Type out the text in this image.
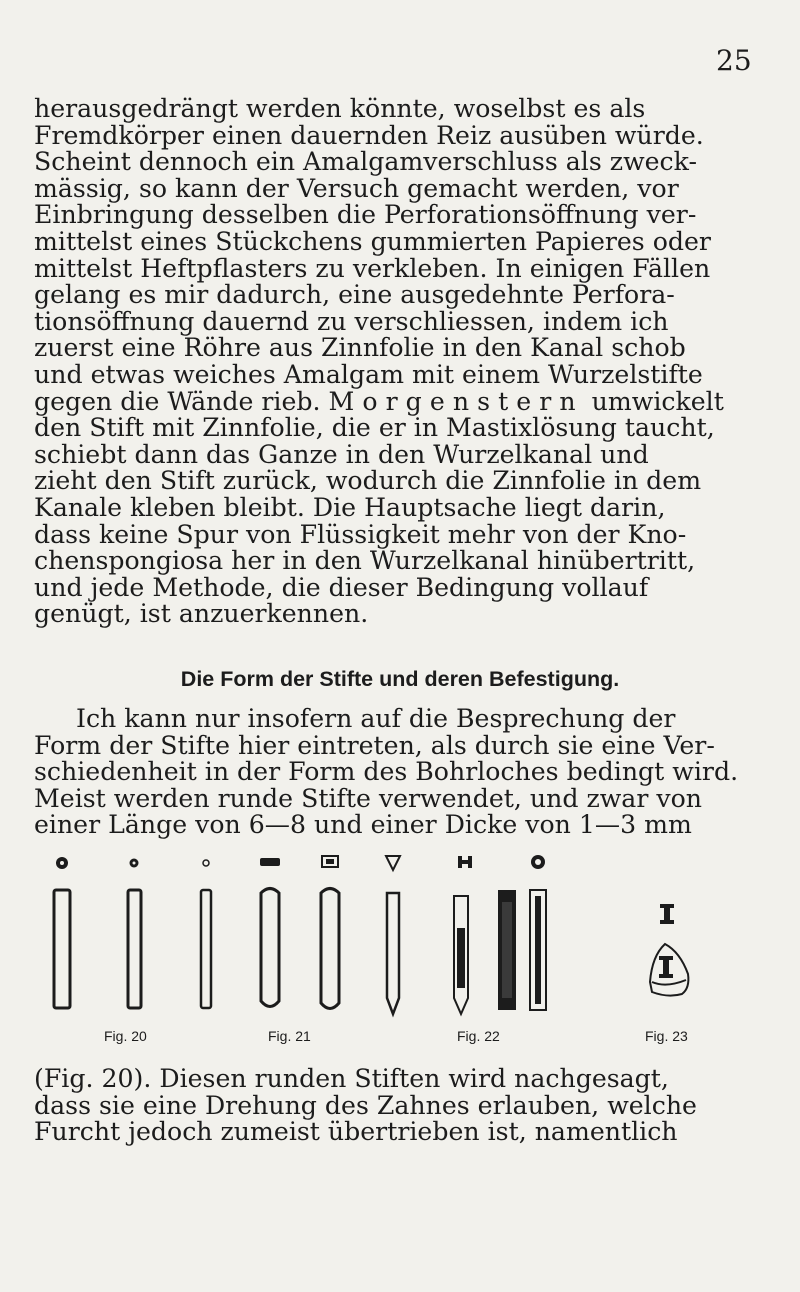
25
herausgedrängt werden könnte, woselbst es als
Fremdkörper einen dauernden Reiz ausüben würde.
Scheint dennoch ein Amalgamverschluss als zweck-
mässig, so kann der Versuch gemacht werden, vor
Einbringung desselben die Perforationsöffnung ver-
mittelst eines Stückchens gummierten Papieres oder
mittelst Heftpflasters zu verkleben. In einigen Fällen
gelang es mir dadurch, eine ausgedehnte Perfora-
tionsöffnung dauernd zu verschliessen, indem ich
zuerst eine Röhre aus Zinnfolie in den Kanal schob
und etwas weiches Amalgam mit einem Wurzelstifte
gegen die Wände rieb. Morgenstern umwickelt
den Stift mit Zinnfolie, die er in Mastixlösung taucht,
schiebt dann das Ganze in den Wurzelkanal und
zieht den Stift zurück, wodurch die Zinnfolie in dem
Kanale kleben bleibt. Die Hauptsache liegt darin,
dass keine Spur von Flüssigkeit mehr von der Kno-
chenspongiosa her in den Wurzelkanal hinübertritt,
und jede Methode, die dieser Bedingung vollauf
genügt, ist anzuerkennen.
Die Form der Stifte und deren Befestigung.
Ich kann nur insofern auf die Besprechung der
Form der Stifte hier eintreten, als durch sie eine Ver-
schiedenheit in der Form des Bohrloches bedingt wird.
Meist werden runde Stifte verwendet, und zwar von
einer Länge von 6—8 und einer Dicke von 1—3 mm
Fig. 20	Fig. 21	Fig. 22	Fig. 23
(Fig. 20). Diesen runden Stiften wird nachgesagt,
dass sie eine Drehung des Zahnes erlauben, welche
Furcht jedoch zumeist übertrieben ist, namentlich
